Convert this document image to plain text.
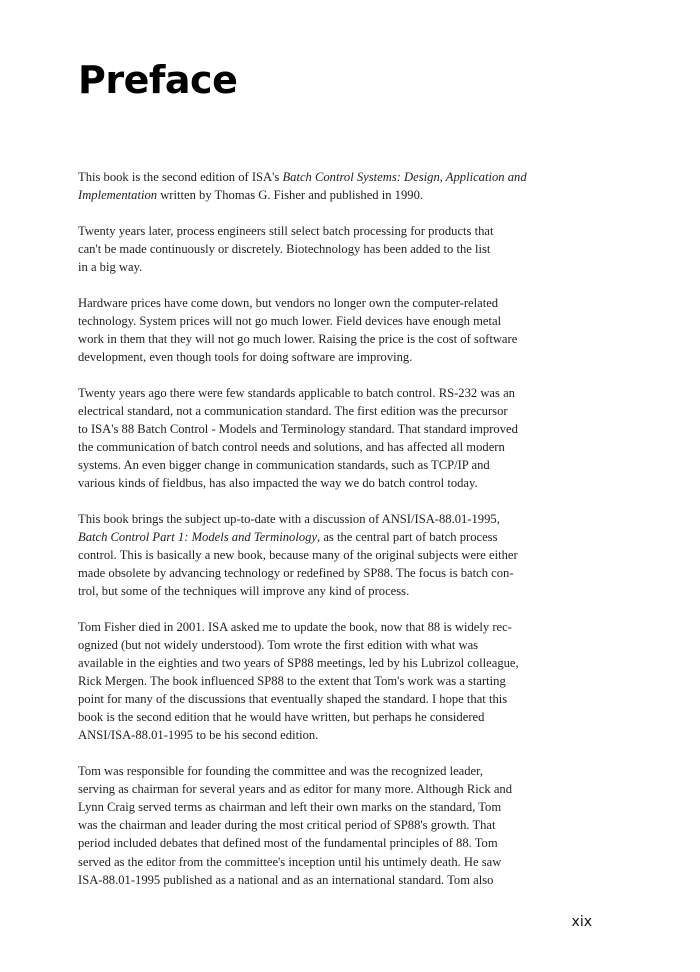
Preface

This book is the second edition of ISA's Batch Control Systems: Design, Application and
Implementation written by Thomas G. Fisher and published in 1990.

Twenty years later, process engineers still select batch processing for products that
can't be made continuously or discretely. Biotechnology has been added to the list
in a big way.

Hardware prices have come down, but vendors no longer own the computer-related
technology. System prices will not go much lower. Field devices have enough metal
work in them that they will not go much lower. Raising the price is the cost of software
development, even though tools for doing software are improving.

Twenty years ago there were few standards applicable to batch control. RS-232 was an
electrical standard, not a communication standard. The first edition was the precursor
to ISA's 88 Batch Control - Models and Terminology standard. That standard improved
the communication of batch control needs and solutions, and has affected all modern
systems. An even bigger change in communication standards, such as TCP/IP and
various kinds of fieldbus, has also impacted the way we do batch control today.

This book brings the subject up-to-date with a discussion of ANSI/ISA-88.01-1995,
Batch Control Part 1: Models and Terminology, as the central part of batch process
control. This is basically a new book, because many of the original subjects were either
made obsolete by advancing technology or redefined by SP88. The focus is batch con-
trol, but some of the techniques will improve any kind of process.

Tom Fisher died in 2001. ISA asked me to update the book, now that 88 is widely rec-
ognized (but not widely understood). Tom wrote the first edition with what was
available in the eighties and two years of SP88 meetings, led by his Lubrizol colleague,
Rick Mergen. The book influenced SP88 to the extent that Tom's work was a starting
point for many of the discussions that eventually shaped the standard. I hope that this
book is the second edition that he would have written, but perhaps he considered
ANSI/ISA-88.01-1995 to be his second edition.

Tom was responsible for founding the committee and was the recognized leader,
serving as chairman for several years and as editor for many more. Although Rick and
Lynn Craig served terms as chairman and left their own marks on the standard, Tom
was the chairman and leader during the most critical period of SP88's growth. That
period included debates that defined most of the fundamental principles of 88. Tom
served as the editor from the committee's inception until his untimely death. He saw
ISA-88.01-1995 published as a national and as an international standard. Tom also

xix
